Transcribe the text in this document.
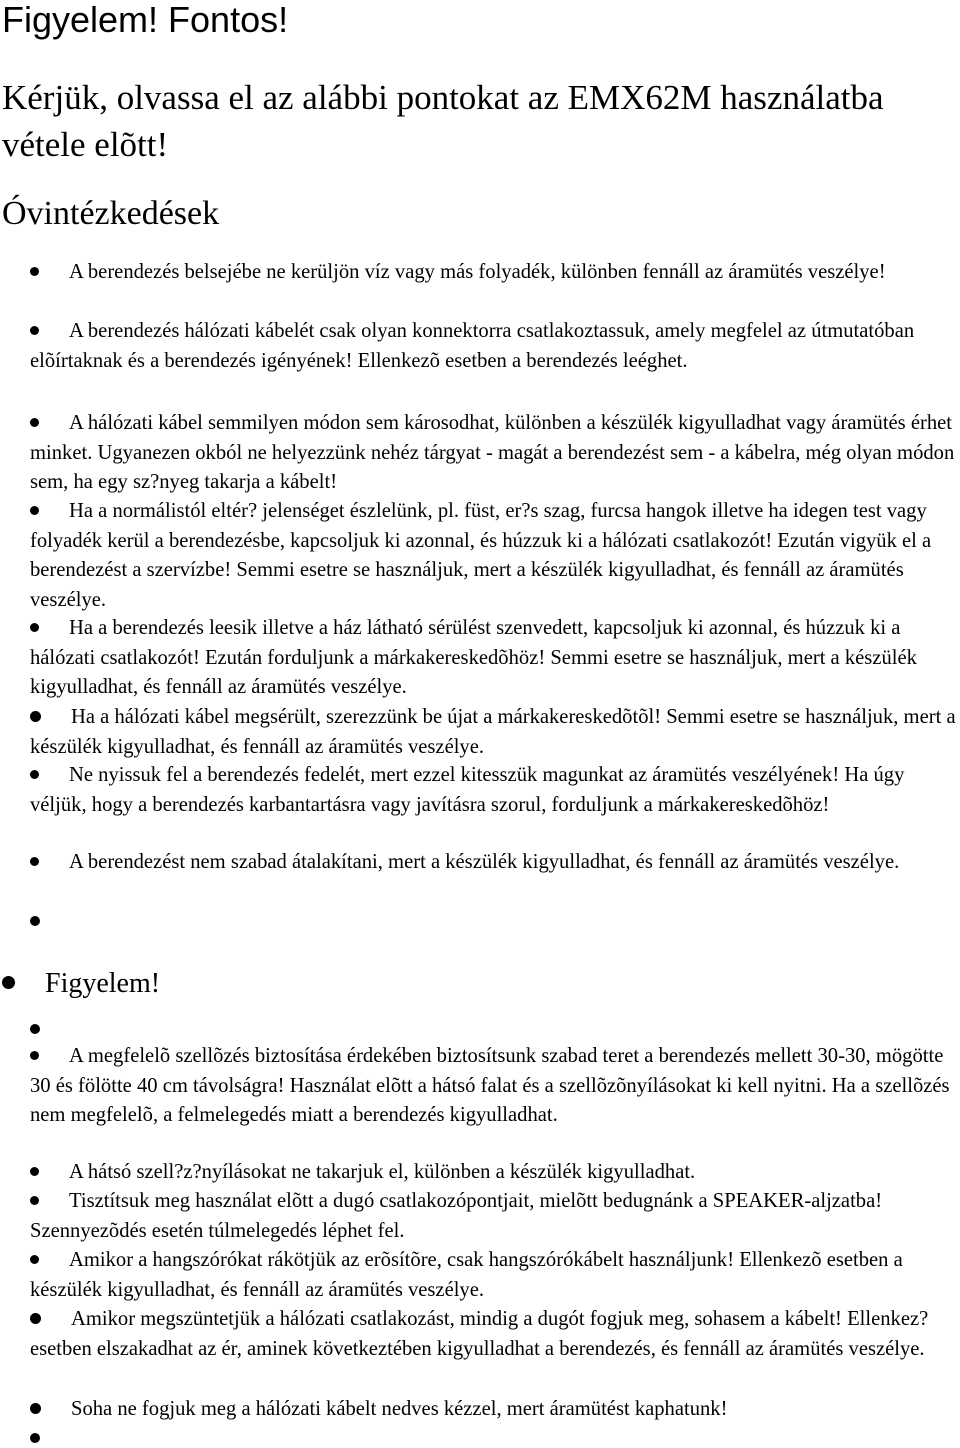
Figyelem! Fontos!
Kérjük, olvassa el az alábbi pontokat az EMX62M használatba vétele elõtt!
Óvintézkedések

A berendezés belsejébe ne kerüljön víz vagy más folyadék, különben fennáll az áramütés veszélye!

A berendezés hálózati kábelét csak olyan konnektorra csatlakoztassuk, amely megfelel az útmutatóban elõírtaknak és a berendezés igényének! Ellenkezõ esetben a berendezés leéghet.

A hálózati kábel semmilyen módon sem károsodhat, különben a készülék kigyulladhat vagy áramütés érhet minket. Ugyanezen okból ne helyezzünk nehéz tárgyat - magát a berendezést sem - a kábelra, még olyan módon sem, ha egy sz?nyeg takarja a kábelt!

Ha a normálistól eltér? jelenséget észlelünk, pl. füst, er?s szag, furcsa hangok illetve ha idegen test vagy folyadék kerül a berendezésbe, kapcsoljuk ki azonnal, és húzzuk ki a hálózati csatlakozót! Ezután vigyük el a berendezést a szervízbe! Semmi esetre se használjuk, mert a készülék kigyulladhat, és fennáll az áramütés veszélye.

Ha a berendezés leesik illetve a ház látható sérülést szenvedett, kapcsoljuk ki azonnal, és húzzuk ki a hálózati csatlakozót! Ezután forduljunk a márkakereskedõhöz! Semmi esetre se használjuk, mert a készülék kigyulladhat, és fennáll az áramütés veszélye.

Ha a hálózati kábel megsérült, szerezzünk be újat a márkakereskedõtõl! Semmi esetre se használjuk, mert a készülék kigyulladhat, és fennáll az áramütés veszélye.

Ne nyissuk fel a berendezés fedelét, mert ezzel kitesszük magunkat az áramütés veszélyének! Ha úgy véljük, hogy a berendezés karbantartásra vagy javításra szorul, forduljunk a márkakereskedõhöz!

A berendezést nem szabad átalakítani, mert a készülék kigyulladhat, és fennáll az áramütés veszélye.

Figyelem!

A megfelelõ szellõzés biztosítása érdekében biztosítsunk szabad teret a berendezés mellett 30-30, mögötte 30 és fölötte 40 cm távolságra! Használat elõtt a hátsó falat és a szellõzõnyílásokat ki kell nyitni. Ha a szellõzés nem megfelelõ, a felmelegedés miatt a berendezés kigyulladhat.

A hátsó szell?z?nyílásokat ne takarjuk el, különben a készülék kigyulladhat.

Tisztítsuk meg használat elõtt a dugó csatlakozópontjait, mielõtt bedugnánk a SPEAKER-aljzatba! Szennyezõdés esetén túlmelegedés léphet fel.

Amikor a hangszórókat rákötjük az erõsítõre, csak hangszórókábelt használjunk! Ellenkezõ esetben a készülék kigyulladhat, és fennáll az áramütés veszélye.

Amikor megszüntetjük a hálózati csatlakozást, mindig a dugót fogjuk meg, sohasem a kábelt! Ellenkez? esetben elszakadhat az ér, aminek következtében kigyulladhat a berendezés, és fennáll az áramütés veszélye.

Soha ne fogjuk meg a hálózati kábelt nedves kézzel, mert áramütést kaphatunk!
